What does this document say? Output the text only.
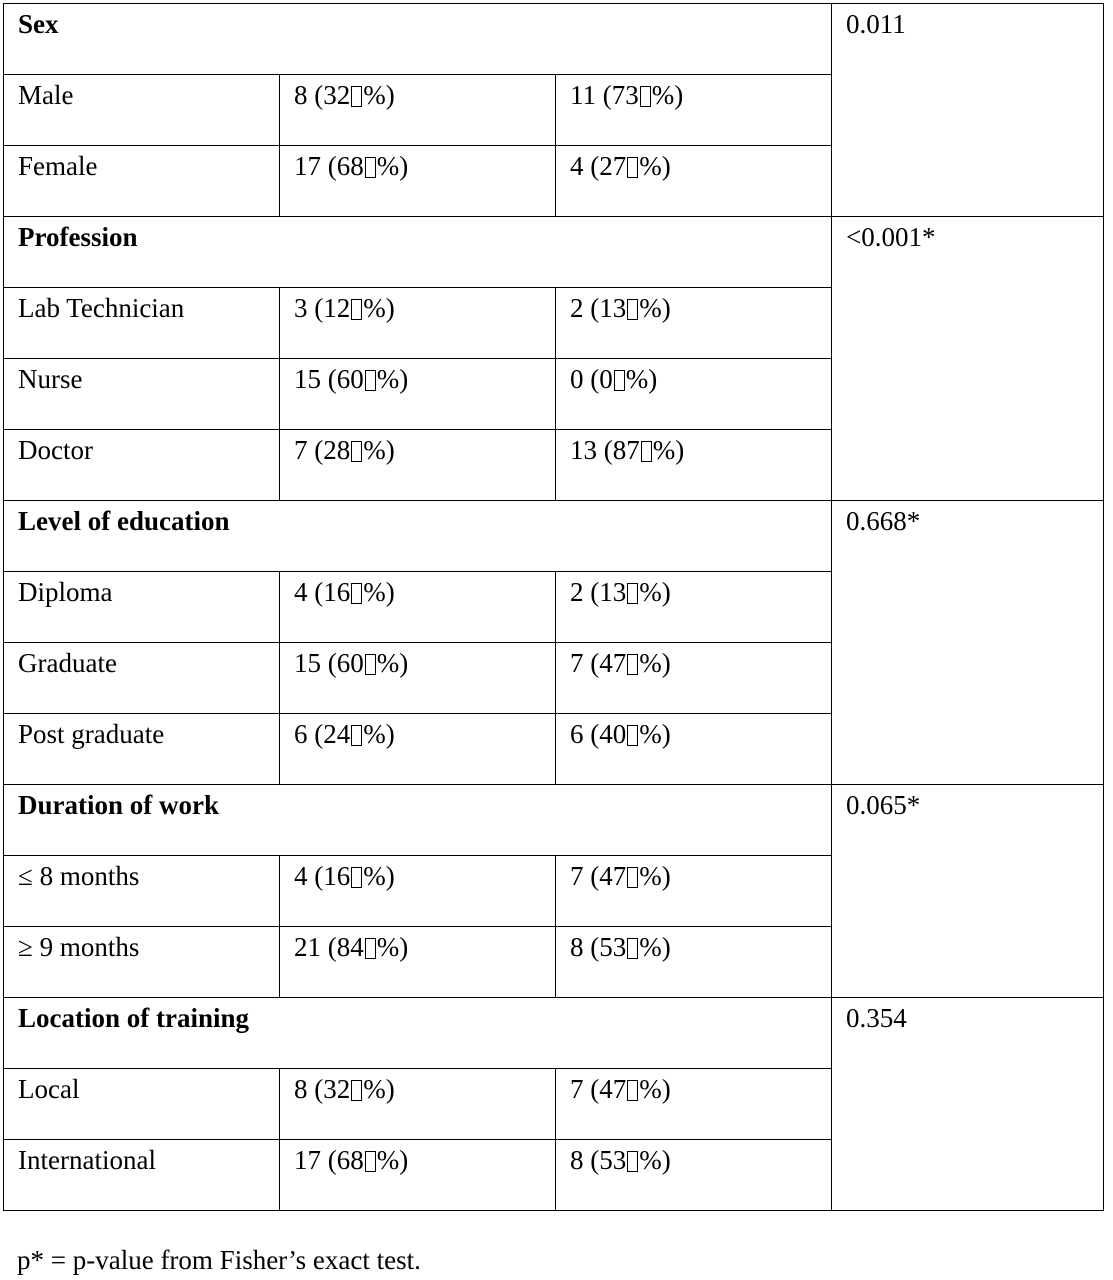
Sex			0.011
Male	8 (32 %)	11 (73 %)	
Female	17 (68 %)	4 (27 %)	
Profession			<0.001*
Lab Technician	3 (12 %)	2 (13 %)	
Nurse	15 (60 %)	0 (0 %)	
Doctor	7 (28 %)	13 (87 %)	
Level of education			0.668*
Diploma	4 (16 %)	2 (13 %)	
Graduate	15 (60 %)	7 (47 %)	
Post graduate	6 (24 %)	6 (40 %)	
Duration of work			0.065*
≤ 8 months	4 (16 %)	7 (47 %)	
≥ 9 months	21 (84 %)	8 (53 %)	
Location of training			0.354
Local	8 (32 %)	7 (47 %)	
International	17 (68 %)	8 (53 %)	

p* = p-value from Fisher’s exact test.
